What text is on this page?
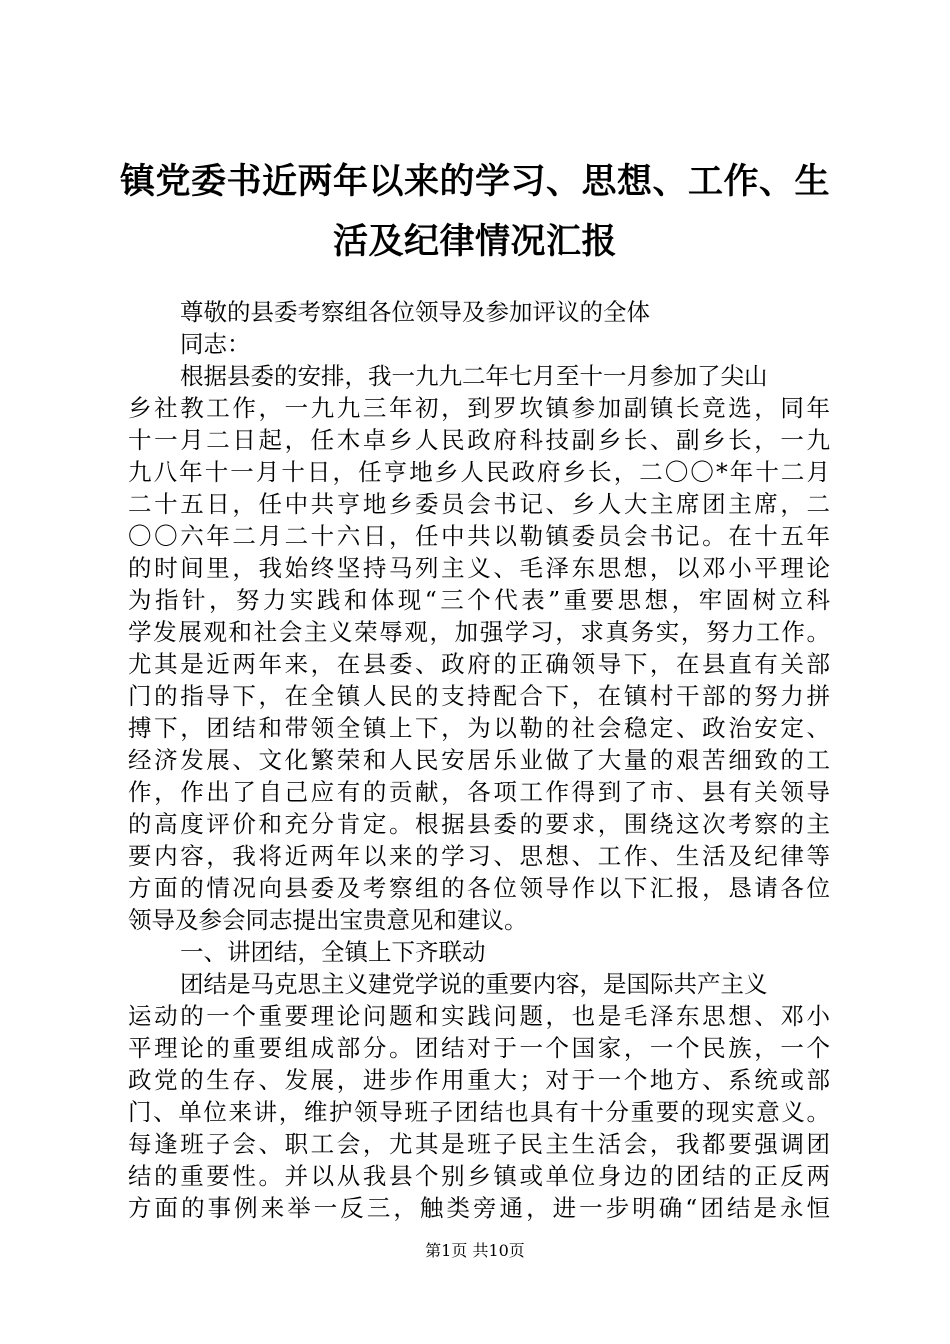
镇党委书近两年以来的学习、思想、工作、生
活及纪律情况汇报
尊敬的县委考察组各位领导及参加评议的全体
同志：
根据县委的安排，我一九九二年七月至十一月参加了尖山
乡社教工作，一九九三年初，到罗坎镇参加副镇长竞选，同年
十一月二日起，任木卓乡人民政府科技副乡长、副乡长，一九
九八年十一月十日，任亨地乡人民政府乡长，二〇〇*年十二月
二十五日，任中共亨地乡委员会书记、乡人大主席团主席，二
〇〇六年二月二十六日，任中共以勒镇委员会书记。在十五年
的时间里，我始终坚持马列主义、毛泽东思想，以邓小平理论
为指针，努力实践和体现“三个代表”重要思想，牢固树立科
学发展观和社会主义荣辱观，加强学习，求真务实，努力工作。
尤其是近两年来，在县委、政府的正确领导下，在县直有关部
门的指导下，在全镇人民的支持配合下，在镇村干部的努力拼
搏下，团结和带领全镇上下，为以勒的社会稳定、政治安定、
经济发展、文化繁荣和人民安居乐业做了大量的艰苦细致的工
作，作出了自己应有的贡献，各项工作得到了市、县有关领导
的高度评价和充分肯定。根据县委的要求，围绕这次考察的主
要内容，我将近两年以来的学习、思想、工作、生活及纪律等
方面的情况向县委及考察组的各位领导作以下汇报，恳请各位
领导及参会同志提出宝贵意见和建议。
一、讲团结，全镇上下齐联动
团结是马克思主义建党学说的重要内容，是国际共产主义
运动的一个重要理论问题和实践问题，也是毛泽东思想、邓小
平理论的重要组成部分。团结对于一个国家，一个民族，一个
政党的生存、发展，进步作用重大；对于一个地方、系统或部
门、单位来讲，维护领导班子团结也具有十分重要的现实意义。
每逢班子会、职工会，尤其是班子民主生活会，我都要强调团
结的重要性。并以从我县个别乡镇或单位身边的团结的正反两
方面的事例来举一反三，触类旁通，进一步明确“团结是永恒
第1页 共10页
